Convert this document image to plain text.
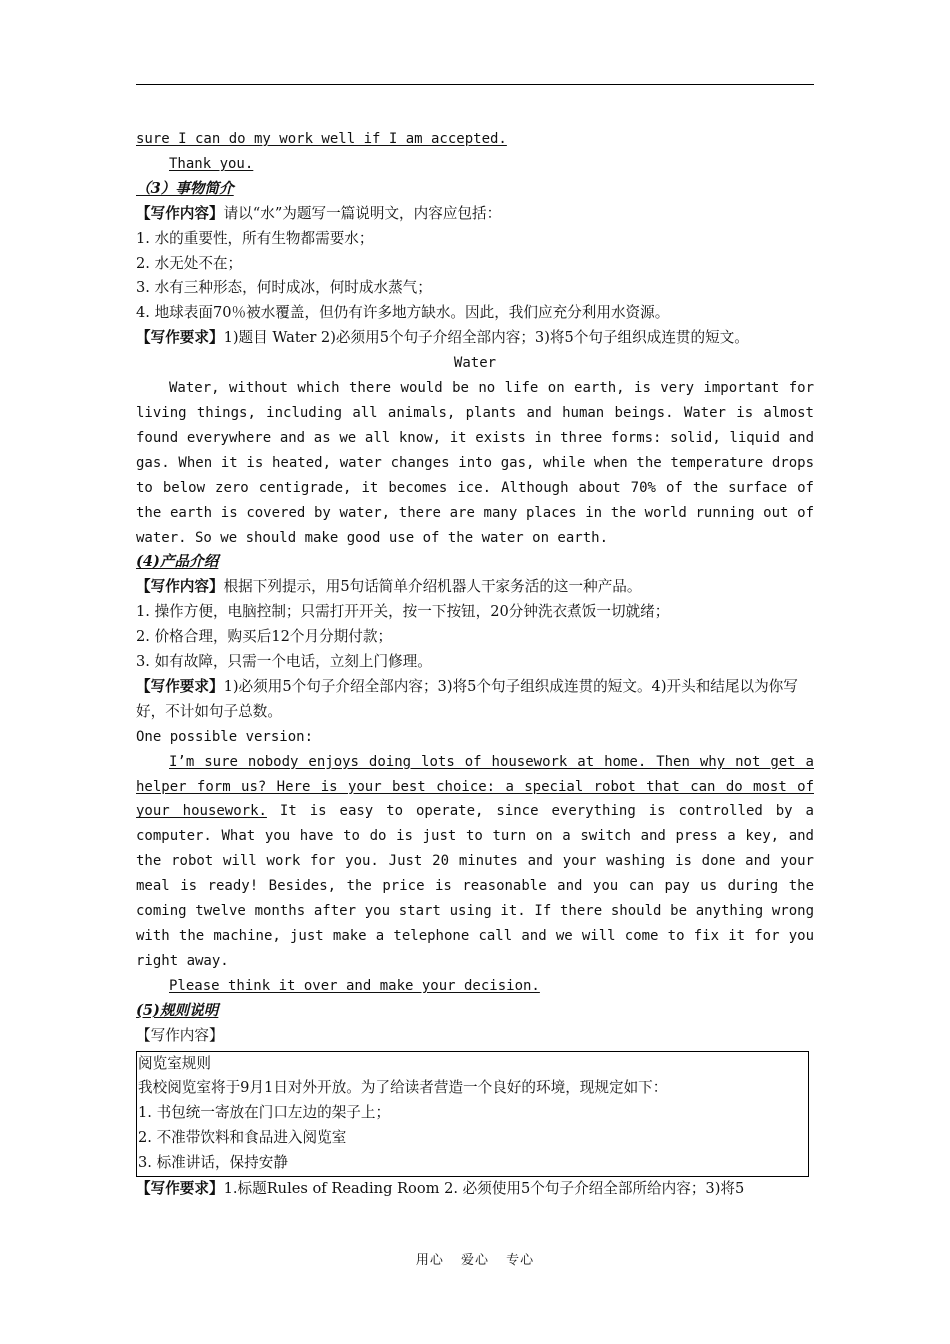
sure I can do my work well if I am accepted.

Thank you.

（3）事物简介

【写作内容】请以“水”为题写一篇说明文，内容应包括：

1. 水的重要性，所有生物都需要水；

2. 水无处不在；

3. 水有三种形态，何时成冰，何时成水蒸气；

4. 地球表面70％被水覆盖，但仍有许多地方缺水。因此，我们应充分利用水资源。

【写作要求】1)题目 Water 2)必须用5个句子介绍全部内容；3)将5个句子组织成连贯的短文。

Water

Water, without which there would be no life on earth, is very important for living things, including all animals, plants and human beings. Water is almost found everywhere and as we all know, it exists in three forms: solid, liquid and gas. When it is heated, water changes into gas, while when the temperature drops to below zero centigrade, it becomes ice. Although about 70% of the surface of the earth is covered by water, there are many places in the world running out of water. So we should make good use of the water on earth.

(4)产品介绍

【写作内容】根据下列提示，用5句话简单介绍机器人干家务活的这一种产品。

1. 操作方便，电脑控制；只需打开开关，按一下按钮，20分钟洗衣煮饭一切就绪；

2. 价格合理，购买后12个月分期付款；

3. 如有故障，只需一个电话，立刻上门修理。

【写作要求】1)必须用5个句子介绍全部内容；3)将5个句子组织成连贯的短文。4)开头和结尾以为你写好，不计如句子总数。

One possible version:

I’m sure nobody enjoys doing lots of housework at home. Then why not get a helper form us? Here is your best choice: a special robot that can do most of your housework. It is easy to operate, since everything is controlled by a computer. What you have to do is just to turn on a switch and press a key, and the robot will work for you. Just 20 minutes and your washing is done and your meal is ready! Besides, the price is reasonable and you can pay us during the coming twelve months after you start using it. If there should be anything wrong with the machine, just make a telephone call and we will come to fix it for you right away.

Please think it over and make your decision.

(5)规则说明

【写作内容】

阅览室规则

我校阅览室将于9月1日对外开放。为了给读者营造一个良好的环境，现规定如下：

1. 书包统一寄放在门口左边的架子上；

2. 不准带饮料和食品进入阅览室

3. 标准讲话，保持安静

【写作要求】1.标题Rules of Reading Room 2. 必须使用5个句子介绍全部所给内容；3)将5

用心 爱心 专心
